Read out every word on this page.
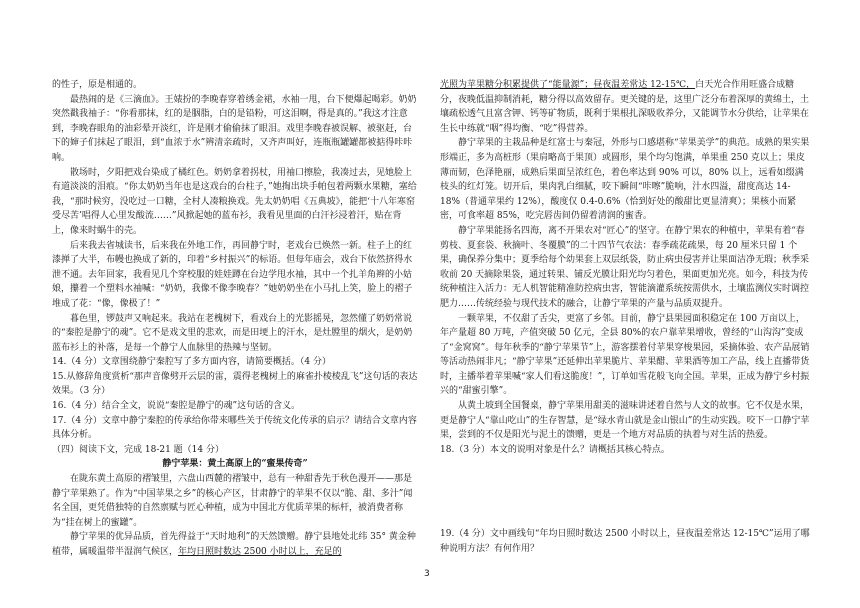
的性子，原是相通的。

最热闹的是《三滴血》。王婊扮的李晚春穿着绣金裙，水袖一甩，台下便爆起喝彩。奶奶突然戳我袖子：“你看那抹，红的是胭脂，白的是铅粉，可这泪啊，得是真的。”我这才注意到，李晚春眼角的油彩晕开淡红，许是刚才偷偷抹了眼泪。戏里李晚春被误解、被驱赶，台下的婶子们抹起了眼泪，到“血浓于水”辨清亲疏时，又齐声叫好，连瓶瓶罐罐都被掂得咔咔响。

散场时，夕阳把戏台染成了橘红色。奶奶拿着拐杖，用袖口擦脸，我凑过去，见她脸上有道淡淡的泪痕。“你太奶奶当年也是这戏台的台柱子，”她掏出块手帕包着两颗水果糖，塞给我，“那时候穷，没吃过一口糖，全村人凑粮换戏。先太奶奶唱《五典坡》，能把‘十八年寒窑受尽苦’唱得人心里发酸流……”风掀起她的蓝布衫，我看见里面的白汗衫浸着汗，贴在背上，像来时蜗牛的壳。

后来我去省城读书，后来我在外地工作，再回静宁时，老戏台已焕然一新。柱子上的红漆掸了大半，布幔也换成了新的，印着“乡村振兴”的标语。但每年庙会，戏台下依然挤得水泄不通。去年回家，我看见几个穿校服的娃娃蹲在台边学甩水袖，其中一个扎羊角辫的小姑娘，攥着一个塑料水袖喊：“奶奶，我像不像李晚春？”她奶奶坐在小马扎上笑，脸上的褶子堆成了花：“像，像极了！”

暮色里，锣鼓声又响起来。我站在老槐树下，看戏台上的光影摇晃，忽然懂了奶奶常说的“秦腔是静宁的魂”。它不是戏文里的悲欢，而是田埂上的汗水，是灶膛里的烟火，是奶奶蓝布衫上的补落，是每一个静宁人血脉里的热辣与坚韧。

14.（4 分）文章围绕静宁秦腔写了多方面内容，请简要概括。（4 分）

15.从修辞角度赏析“那声音像劈开云层的雷，震得老槐树上的麻雀扑棱棱乱飞”这句话的表达效果。（3 分）

16.（4 分）结合全文，说说“秦腔是静宁的魂”这句话的含义。

17.（4 分）文章中静宁秦腔的传承给你带来哪些关于传统文化传承的启示？请结合文章内容具体分析。

（四）阅读下文，完成 18-21 题（14 分）

静宁苹果：黄土高原上的“蜜果传奇”

在陇东黄土高原的褶皱里，六盘山西麓的褶皱中，总有一种甜香先于秋色漫开——那是静宁苹果熟了。作为“中国苹果之乡”的核心产区，甘肃静宁的苹果不仅以“脆、甜、多汁”闻名全国，更凭借独特的自然禀赋与匠心种植，成为中国北方优质苹果的标杆，被消费者称为“挂在树上的蜜罐”。

静宁苹果的优异品质，首先得益于“天时地利”的天然馈赠。静宁县地处北纬 35° 黄金种植带，属暖温带半湿润气候区，年均日照时数达 2500 小时以上，充足的

光照为苹果糖分积累提供了“能量源”；昼夜温差常达 12-15℃，白天光合作用旺盛合成糖分，夜晚低温抑制消耗，糖分得以高效留存。更关键的是，这里广泛分布着深厚的黄绵土，土壤疏松透气且富含钾、钙等矿物质，既利于果根扎深吸收养分，又能调节水分供给，让苹果在生长中练就“咽”得均衡、“吃”得营养。

静宁苹果的主栽品种是红富士与秦冠，外形与口感堪称“苹果美学”的典范。成熟的果实果形端正，多为高桩形（果肩略高于果顶）或圆形，果个均匀饱满，单果重 250 克以上；果皮薄而韧，色泽艳丽，成熟后果面呈浓红色，着色率达到 90% 可以，80% 以上，远看如缀满枝头的红灯笼。切开后，果肉乳白细腻，咬下瞬间“咔嚓”脆响，汁水四溢，甜度高达 14-18%（普通苹果约 12%），酸度仅 0.4-0.6%（恰到好处的酸甜比更显清爽）；果核小而紧密，可食率超 85%，吃完唇齿间仍留着清润的蜜香。

静宁苹果能扬名四海，离不开果农对“匠心”的坚守。在静宁果农的种植中，苹果有着“春剪枝、夏套袋、秋摘叶、冬覆膜”的二十四节气农法：春季疏花疏果，每 20 厘米只留 1 个果，确保养分集中；夏季给每个幼果套上双层纸袋，防止病虫侵害并让果面洁净无瑕；秋季采收前 20 天摘除果袋，通过转果、铺反光膜让阳光均匀着色，果面更加光亮。如今，科技为传统种植注入活力：无人机智能精准防控病虫害，智能滴灌系统按需供水，土壤监测仪实时调控肥力……传统经验与现代技术的融合，让静宁苹果的产量与品质双提升。

一颗苹果，不仅甜了舌尖，更富了乡邻。目前，静宁县果园面积稳定在 100 万亩以上，年产量超 80 万吨，产值突破 50 亿元，全县 80%的农户靠苹果增收，曾经的“山沟沟”变成了“金窝窝”。每年秋季的“静宁苹果节”上，游客摆着付苹果穿梭果园，采摘体验、农产品展销等活动热闹非凡；“静宁苹果”还延伸出苹果脆片、苹果醋、苹果酒等加工产品，线上直播带货时，主播举着苹果喊“家人们看这脆度！”，订单如雪花般飞向全国。苹果，正成为静宁乡村振兴的“甜蜜引擎”。

从黄土坡到全国餐桌，静宁苹果用甜美的滋味讲述着自然与人文的故事。它不仅是水果，更是静宁人“靠山吃山”的生存智慧，是“绿水青山就是金山银山”的生动实践。咬下一口静宁苹果，尝到的不仅是阳光与泥土的馈赠，更是一个地方对品质的执着与对生活的热爱。

18.（3 分）本文的说明对象是什么？请概括其核心特点。

19.（4 分）文中画线句“年均日照时数达 2500 小时以上，昼夜温差常达 12-15℃”运用了哪种说明方法？有何作用？

3
